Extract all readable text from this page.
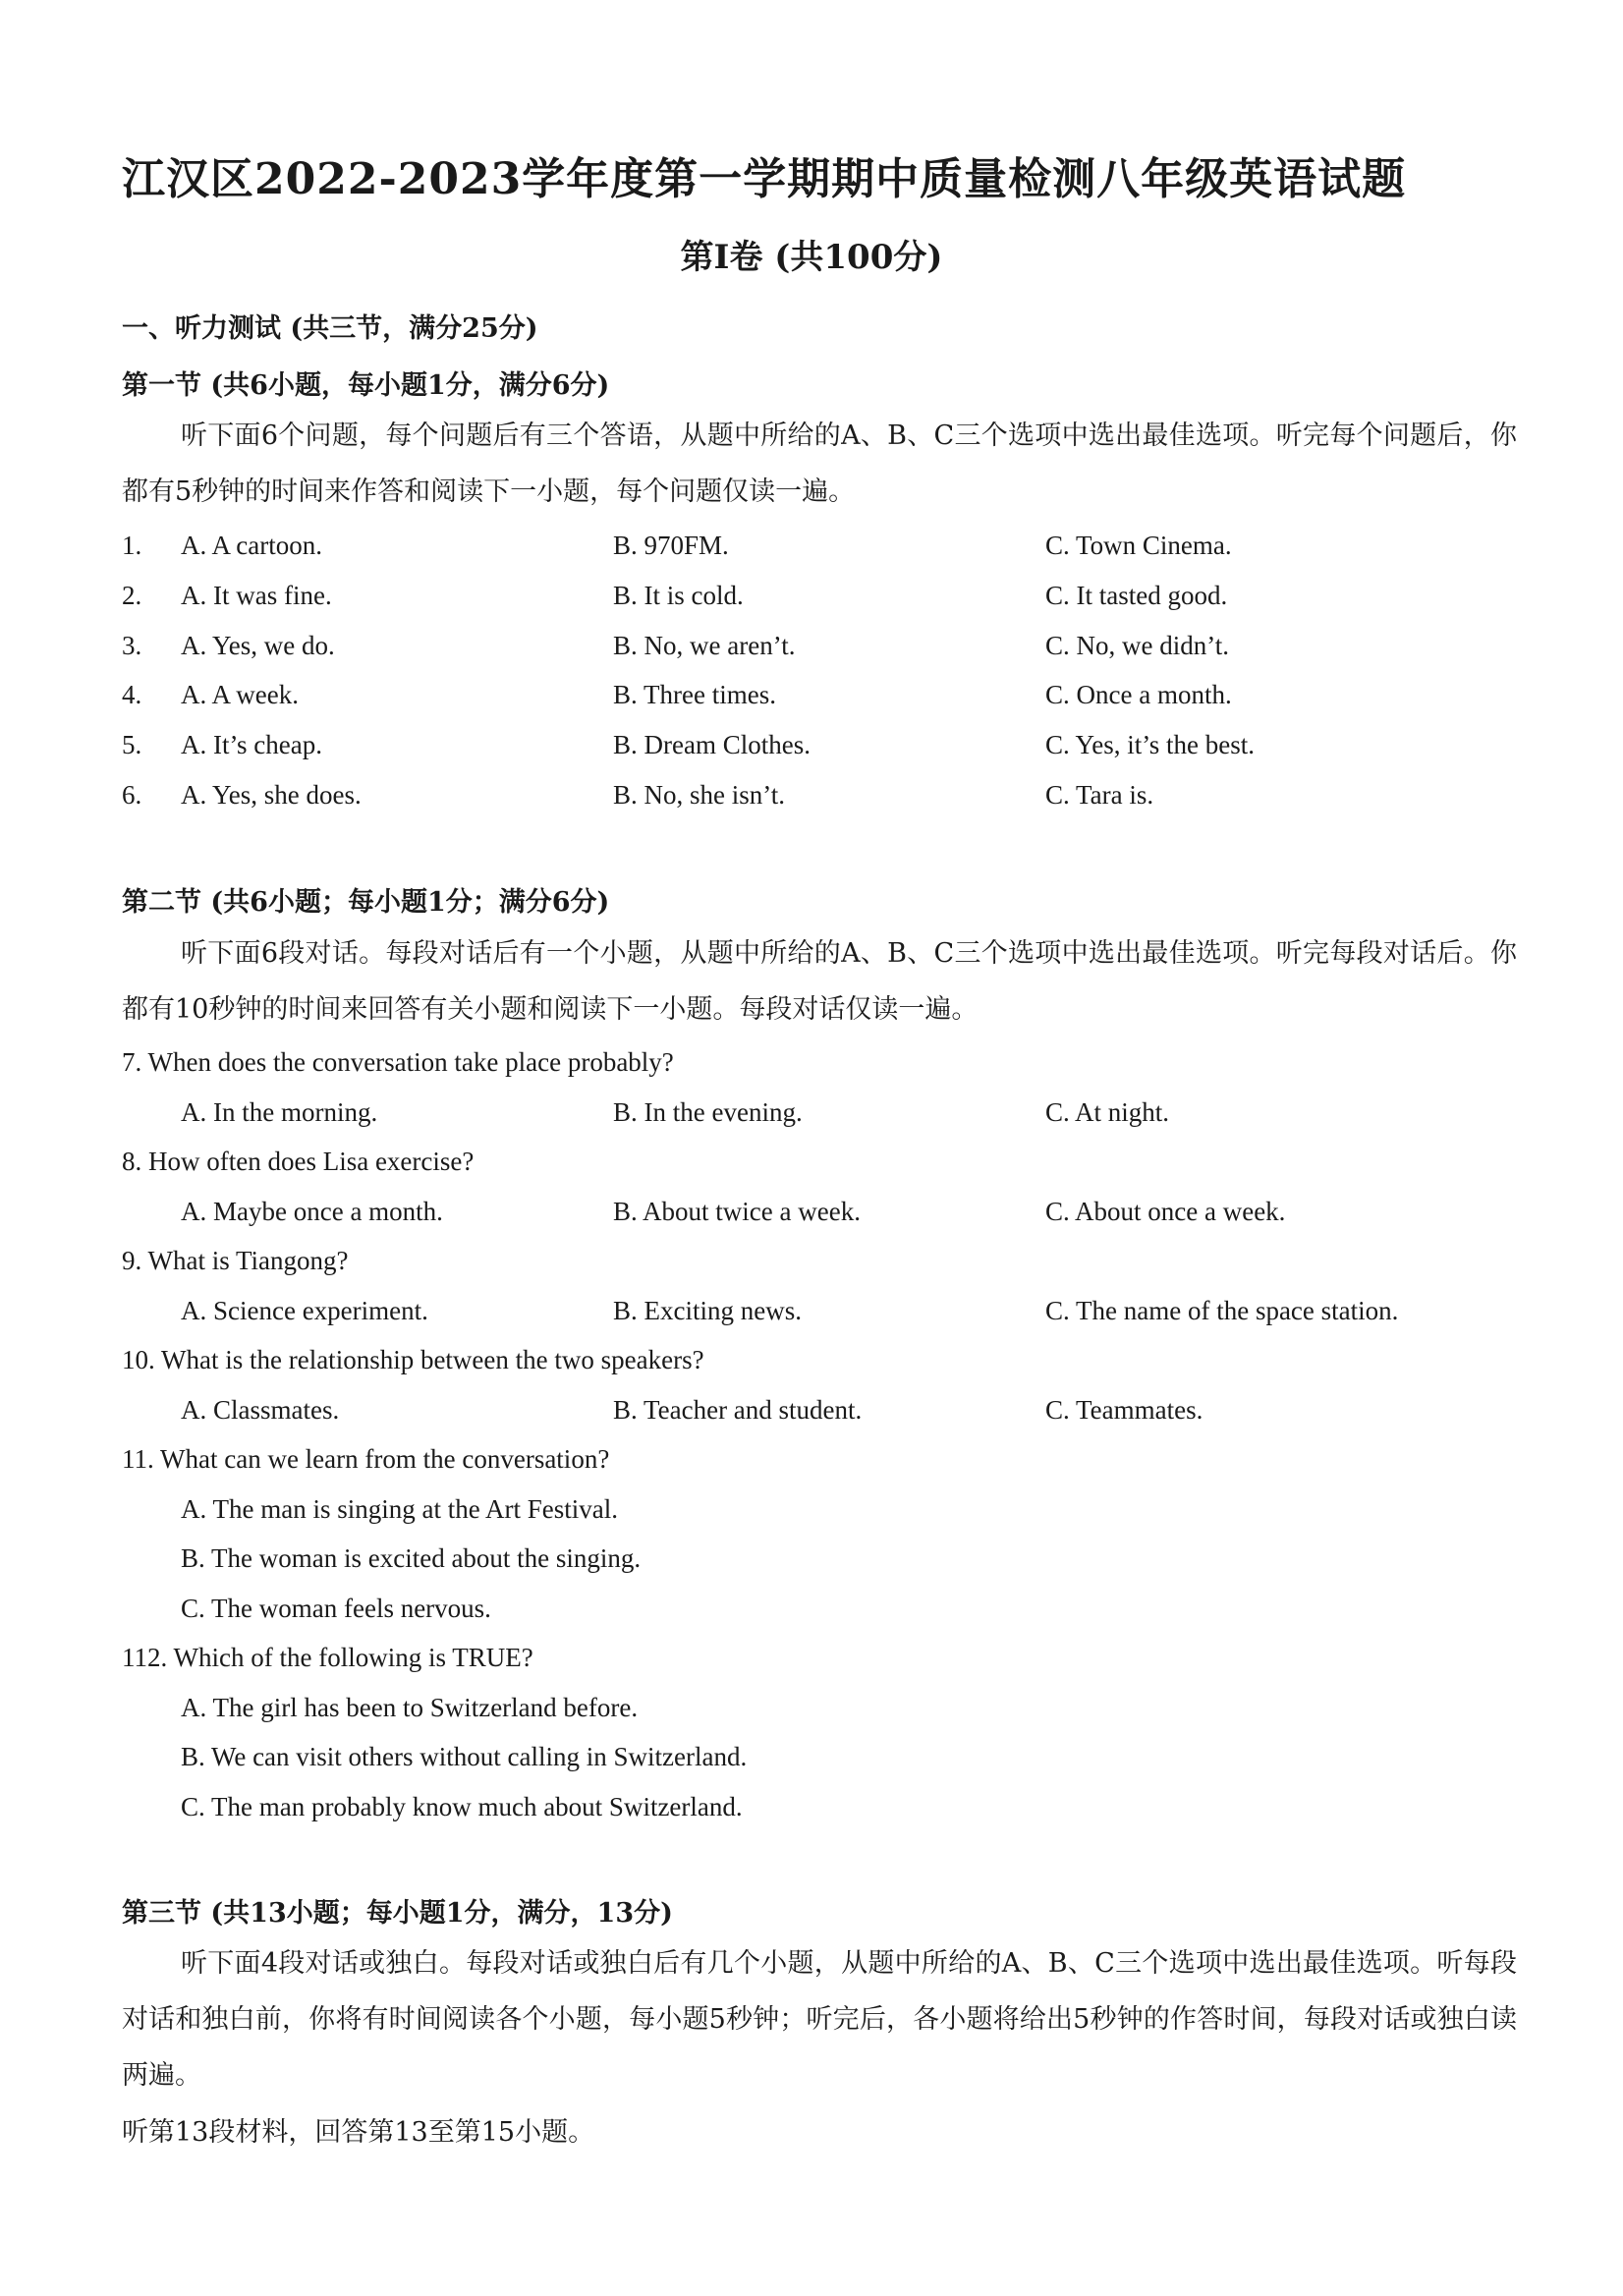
江汉区2022-2023学年度第一学期期中质量检测八年级英语试题
第I卷 (共100分)
一、听力测试 (共三节，满分25分)
第一节 (共6小题，每小题1分，满分6分)
听下面6个问题，每个问题后有三个答语，从题中所给的A、B、C三个选项中选出最佳选项。听完每个问题后，你都有5秒钟的时间来作答和阅读下一小题，每个问题仅读一遍。
1. A. A cartoon.	B. 970FM.	C. Town Cinema.
2. A. It was fine.	B. It is cold.	C. It tasted good.
3. A. Yes, we do.	B. No, we aren’t.	C. No, we didn’t.
4. A. A week.	B. Three times.	C. Once a month.
5. A. It’s cheap.	B. Dream Clothes.	C. Yes, it’s the best.
6. A. Yes, she does.	B. No, she isn’t.	C. Tara is.
第二节 (共6小题；每小题1分；满分6分)
听下面6段对话。每段对话后有一个小题，从题中所给的A、B、C三个选项中选出最佳选项。听完每段对话后。你都有10秒钟的时间来回答有关小题和阅读下一小题。每段对话仅读一遍。
7. When does the conversation take place probably?
A. In the morning.	B. In the evening.	C. At night.
8. How often does Lisa exercise?
A. Maybe once a month.	B. About twice a week.	C. About once a week.
9. What is Tiangong?
A. Science experiment.	B. Exciting news.	C. The name of the space station.
10. What is the relationship between the two speakers?
A. Classmates.	B. Teacher and student.	C. Teammates.
11. What can we learn from the conversation?
A. The man is singing at the Art Festival.
B. The woman is excited about the singing.
C. The woman feels nervous.
112. Which of the following is TRUE?
A. The girl has been to Switzerland before.
B. We can visit others without calling in Switzerland.
C. The man probably know much about Switzerland.
第三节 (共13小题；每小题1分，满分，13分)
听下面4段对话或独白。每段对话或独白后有几个小题，从题中所给的A、B、C三个选项中选出最佳选项。听每段对话和独白前，你将有时间阅读各个小题，每小题5秒钟；听完后，各小题将给出5秒钟的作答时间，每段对话或独白读两遍。
听第13段材料，回答第13至第15小题。
